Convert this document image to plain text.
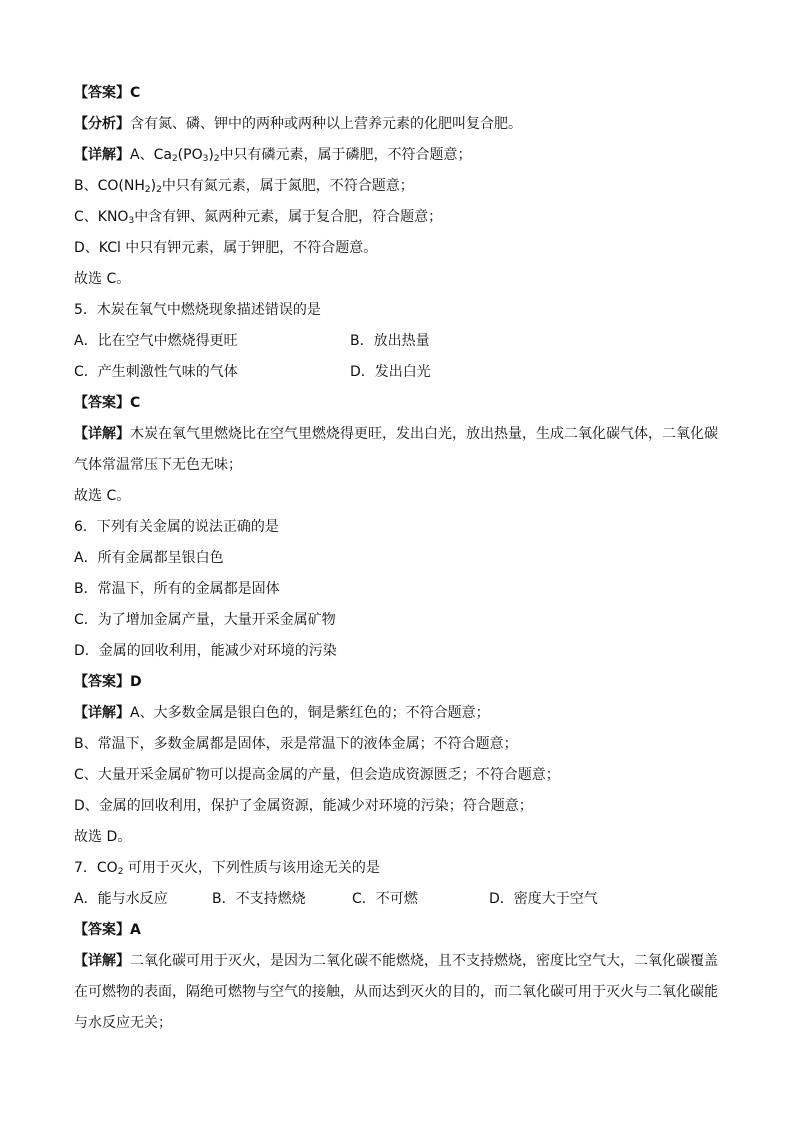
【答案】C
【分析】含有氮、磷、钾中的两种或两种以上营养元素的化肥叫复合肥。
【详解】A、$Ca_2(PO_3)_2$中只有磷元素，属于磷肥，不符合题意；
B、$CO(NH_2)_2$中只有氮元素，属于氮肥，不符合题意；
C、$KNO_3$中含有钾、氮两种元素，属于复合肥，符合题意；
D、KCl 中只有钾元素，属于钾肥，不符合题意。
故选 C。
5．木炭在氧气中燃烧现象描述错误的是
A．比在空气中燃烧得更旺	B．放出热量
C．产生刺激性气味的气体	D．发出白光
【答案】C
【详解】木炭在氧气里燃烧比在空气里燃烧得更旺，发出白光，放出热量，生成二氧化碳气体，二氧化碳
气体常温常压下无色无味；
故选 C。
6．下列有关金属的说法正确的是
A．所有金属都呈银白色
B．常温下，所有的金属都是固体
C．为了增加金属产量，大量开采金属矿物
D．金属的回收利用，能减少对环境的污染
【答案】D
【详解】A、大多数金属是银白色的，铜是紫红色的；不符合题意；
B、常温下，多数金属都是固体，汞是常温下的液体金属；不符合题意；
C、大量开采金属矿物可以提高金属的产量，但会造成资源匮乏；不符合题意；
D、金属的回收利用，保护了金属资源，能减少对环境的污染；符合题意；
故选 D。
7．$CO_2$ 可用于灭火，下列性质与该用途无关的是
A．能与水反应	B．不支持燃烧	C．不可燃	D．密度大于空气
【答案】A
【详解】二氧化碳可用于灭火，是因为二氧化碳不能燃烧，且不支持燃烧，密度比空气大，二氧化碳覆盖
在可燃物的表面，隔绝可燃物与空气的接触，从而达到灭火的目的，而二氧化碳可用于灭火与二氧化碳能
与水反应无关；
